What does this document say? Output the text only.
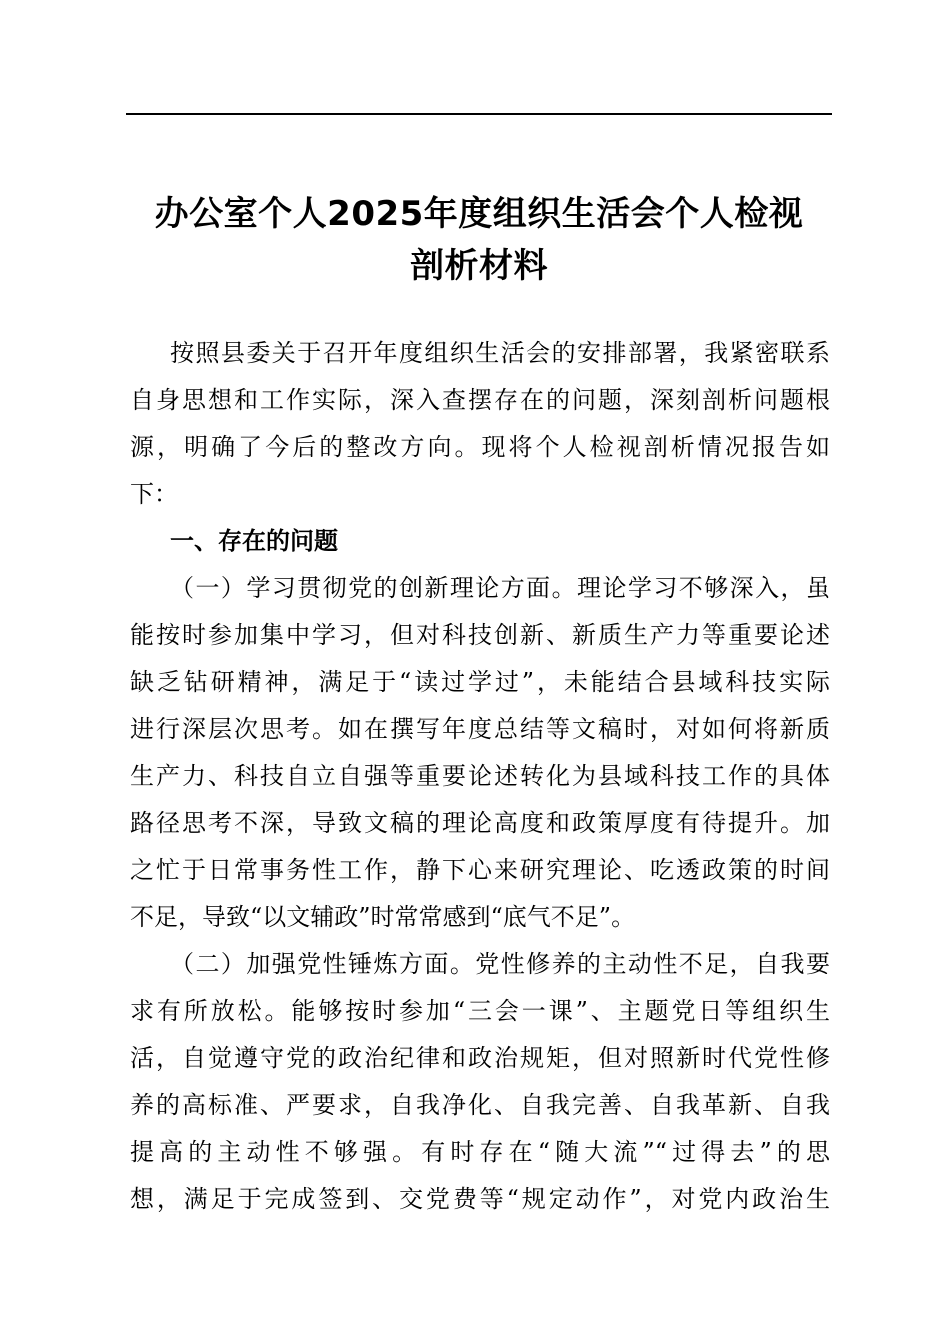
办公室个人2025年度组织生活会个人检视
剖析材料
按照县委关于召开年度组织生活会的安排部署，我紧密联系
自身思想和工作实际，深入查摆存在的问题，深刻剖析问题根
源，明确了今后的整改方向。现将个人检视剖析情况报告如
下：
一、存在的问题
（一）学习贯彻党的创新理论方面。理论学习不够深入，虽
能按时参加集中学习，但对科技创新、新质生产力等重要论述
缺乏钻研精神，满足于“读过学过”，未能结合县域科技实际
进行深层次思考。如在撰写年度总结等文稿时，对如何将新质
生产力、科技自立自强等重要论述转化为县域科技工作的具体
路径思考不深，导致文稿的理论高度和政策厚度有待提升。加
之忙于日常事务性工作，静下心来研究理论、吃透政策的时间
不足，导致“以文辅政”时常常感到“底气不足”。
（二）加强党性锤炼方面。党性修养的主动性不足，自我要
求有所放松。能够按时参加“三会一课”、主题党日等组织生
活，自觉遵守党的政治纪律和政治规矩，但对照新时代党性修
养的高标准、严要求，自我净化、自我完善、自我革新、自我
提高的主动性不够强。有时存在“随大流”“过得去”的思
想，满足于完成签到、交党费等“规定动作”，对党内政治生
